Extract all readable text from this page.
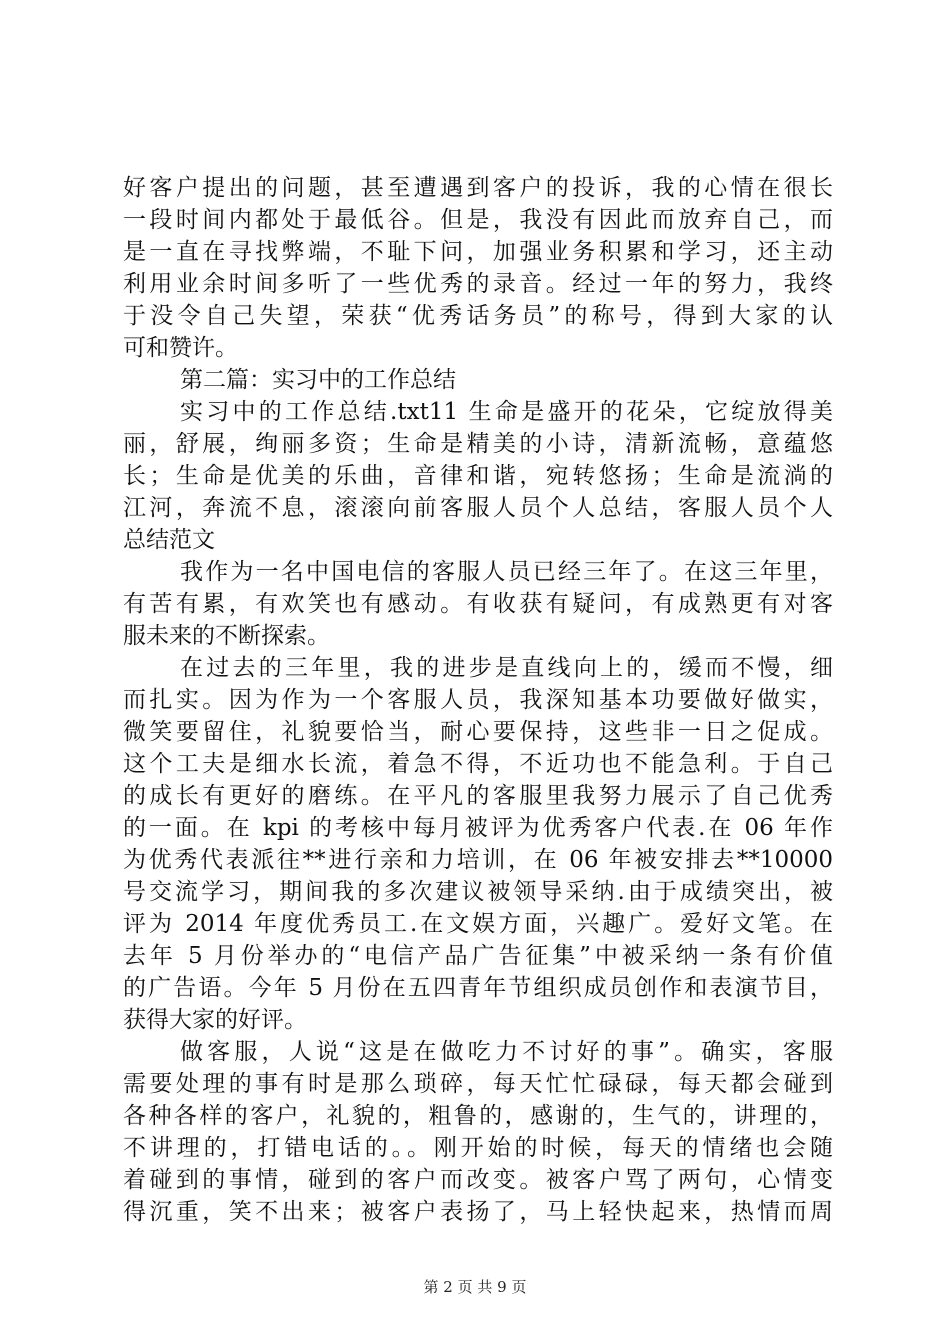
好客户提出的问题，甚至遭遇到客户的投诉，我的心情在很长
一段时间内都处于最低谷。但是，我没有因此而放弃自己，而
是一直在寻找弊端，不耻下问，加强业务积累和学习，还主动
利用业余时间多听了一些优秀的录音。经过一年的努力，我终
于没令自己失望，荣获“优秀话务员”的称号，得到大家的认
可和赞许。
第二篇：实习中的工作总结
实习中的工作总结.txt11 生命是盛开的花朵，它绽放得美
丽，舒展，绚丽多资；生命是精美的小诗，清新流畅，意蕴悠
长；生命是优美的乐曲，音律和谐，宛转悠扬；生命是流淌的
江河，奔流不息，滚滚向前客服人员个人总结，客服人员个人
总结范文
我作为一名中国电信的客服人员已经三年了。在这三年里，
有苦有累，有欢笑也有感动。有收获有疑问，有成熟更有对客
服未来的不断探索。
在过去的三年里，我的进步是直线向上的，缓而不慢，细
而扎实。因为作为一个客服人员，我深知基本功要做好做实，
微笑要留住，礼貌要恰当，耐心要保持，这些非一日之促成。
这个工夫是细水长流，着急不得，不近功也不能急利。于自己
的成长有更好的磨练。在平凡的客服里我努力展示了自己优秀
的一面。在 kpi 的考核中每月被评为优秀客户代表.在 06 年作
为优秀代表派往**进行亲和力培训，在 06 年被安排去**10000
号交流学习，期间我的多次建议被领导采纳.由于成绩突出，被
评为 2014 年度优秀员工.在文娱方面，兴趣广。爱好文笔。在
去年 5 月份举办的“电信产品广告征集”中被采纳一条有价值
的广告语。今年 5 月份在五四青年节组织成员创作和表演节目，
获得大家的好评。
做客服，人说“这是在做吃力不讨好的事”。确实，客服
需要处理的事有时是那么琐碎，每天忙忙碌碌，每天都会碰到
各种各样的客户，礼貌的，粗鲁的，感谢的，生气的，讲理的，
不讲理的，打错电话的。。刚开始的时候，每天的情绪也会随
着碰到的事情，碰到的客户而改变。被客户骂了两句，心情变
得沉重，笑不出来；被客户表扬了，马上轻快起来，热情而周
第 2 页 共 9 页
